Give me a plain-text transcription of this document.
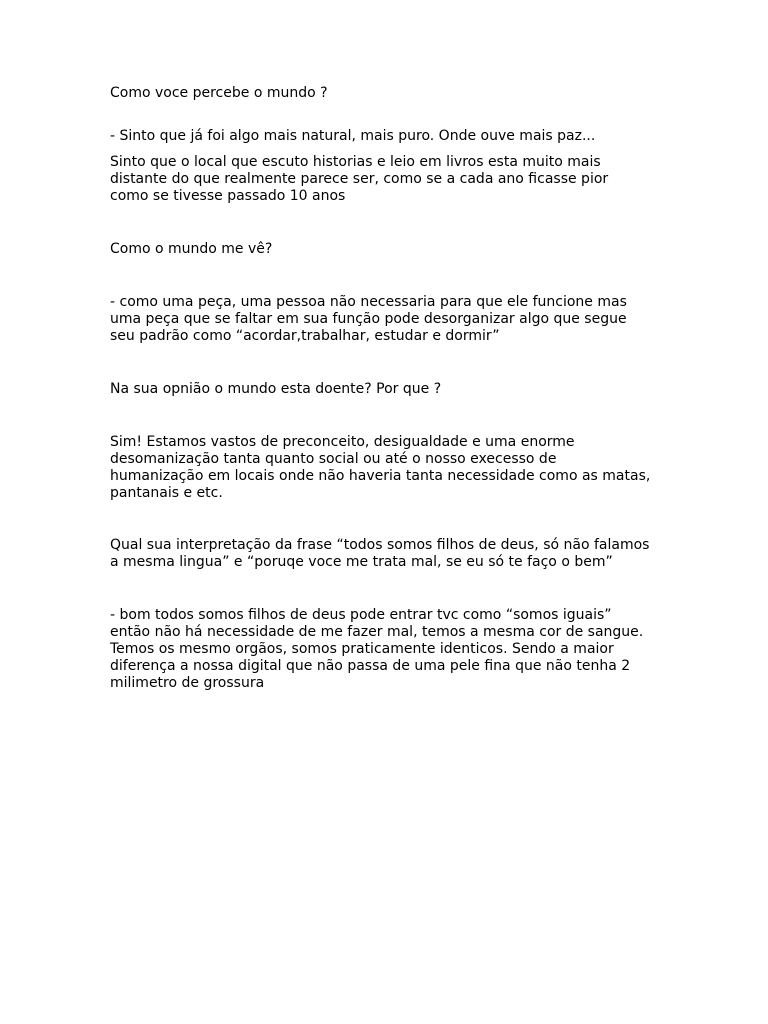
Como voce percebe o mundo ?

- Sinto que já foi algo mais natural, mais puro. Onde ouve mais paz...

Sinto que o local que escuto historias e leio em livros esta muito mais
distante do que realmente parece ser, como se a cada ano ficasse pior
como se tivesse passado 10 anos

Como o mundo me vê?

- como uma peça, uma pessoa não necessaria para que ele funcione mas
uma peça que se faltar em sua função pode desorganizar algo que segue
seu padrão como “acordar,trabalhar, estudar e dormir”

Na sua opnião o mundo esta doente? Por que ?

Sim! Estamos vastos de preconceito, desigualdade e uma enorme
desomanização tanta quanto social ou até o nosso execesso de
humanização em locais onde não haveria tanta necessidade como as matas,
pantanais e etc.

Qual sua interpretação da frase “todos somos filhos de deus, só não falamos
a mesma lingua” e “poruqe voce me trata mal, se eu só te faço o bem”

- bom todos somos filhos de deus pode entrar tvc como “somos iguais”
então não há necessidade de me fazer mal, temos a mesma cor de sangue.
Temos os mesmo orgãos, somos praticamente identicos. Sendo a maior
diferença a nossa digital que não passa de uma pele fina que não tenha 2
milimetro de grossura
